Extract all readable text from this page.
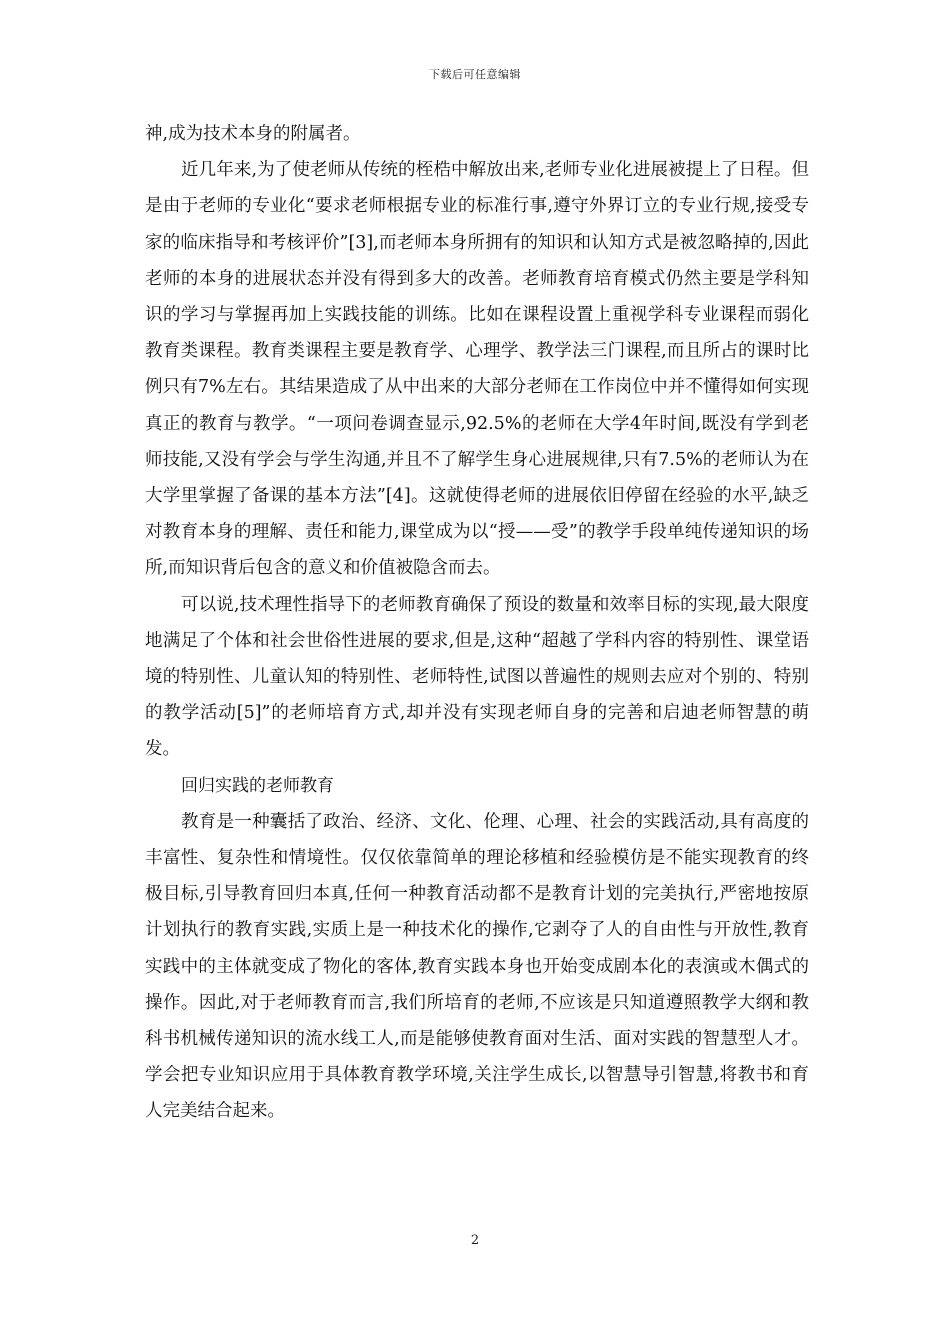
下载后可任意编辑

神,成为技术本身的附属者。

近几年来,为了使老师从传统的桎梏中解放出来,老师专业化进展被提上了日程。但是由于老师的专业化“要求老师根据专业的标准行事,遵守外界订立的专业行规,接受专家的临床指导和考核评价”[3],而老师本身所拥有的知识和认知方式是被忽略掉的,因此老师的本身的进展状态并没有得到多大的改善。老师教育培育模式仍然主要是学科知识的学习与掌握再加上实践技能的训练。比如在课程设置上重视学科专业课程而弱化教育类课程。教育类课程主要是教育学、心理学、教学法三门课程,而且所占的课时比例只有7%左右。其结果造成了从中出来的大部分老师在工作岗位中并不懂得如何实现真正的教育与教学。“一项问卷调查显示,92.5%的老师在大学4年时间,既没有学到老师技能,又没有学会与学生沟通,并且不了解学生身心进展规律,只有7.5%的老师认为在大学里掌握了备课的基本方法”[4]。这就使得老师的进展依旧停留在经验的水平,缺乏对教育本身的理解、责任和能力,课堂成为以“授——受”的教学手段单纯传递知识的场所,而知识背后包含的意义和价值被隐含而去。

可以说,技术理性指导下的老师教育确保了预设的数量和效率目标的实现,最大限度地满足了个体和社会世俗性进展的要求,但是,这种“超越了学科内容的特别性、课堂语境的特别性、儿童认知的特别性、老师特性,试图以普遍性的规则去应对个别的、特别的教学活动[5]”的老师培育方式,却并没有实现老师自身的完善和启迪老师智慧的萌发。

回归实践的老师教育

教育是一种囊括了政治、经济、文化、伦理、心理、社会的实践活动,具有高度的丰富性、复杂性和情境性。仅仅依靠简单的理论移植和经验模仿是不能实现教育的终极目标,引导教育回归本真,任何一种教育活动都不是教育计划的完美执行,严密地按原计划执行的教育实践,实质上是一种技术化的操作,它剥夺了人的自由性与开放性,教育实践中的主体就变成了物化的客体,教育实践本身也开始变成剧本化的表演或木偶式的操作。因此,对于老师教育而言,我们所培育的老师,不应该是只知道遵照教学大纲和教科书机械传递知识的流水线工人,而是能够使教育面对生活、面对实践的智慧型人才。学会把专业知识应用于具体教育教学环境,关注学生成长,以智慧导引智慧,将教书和育人完美结合起来。

2
